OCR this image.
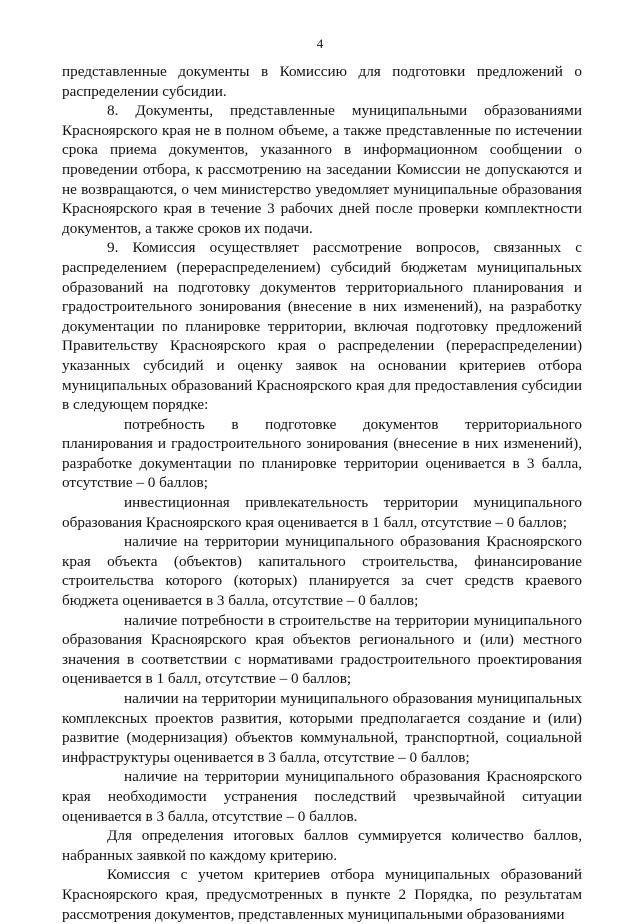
4

представленные документы в Комиссию для подготовки предложений о распределении субсидии.

8. Документы, представленные муниципальными образованиями Красноярского края не в полном объеме, а также представленные по истечении срока приема документов, указанного в информационном сообщении о проведении отбора, к рассмотрению на заседании Комиссии не допускаются и не возвращаются, о чем министерство уведомляет муниципальные образования Красноярского края в течение 3 рабочих дней после проверки комплектности документов, а также сроков их подачи.

9. Комиссия осуществляет рассмотрение вопросов, связанных с распределением (перераспределением) субсидий бюджетам муниципальных образований на подготовку документов территориального планирования и градостроительного зонирования (внесение в них изменений), на разработку документации по планировке территории, включая подготовку предложений Правительству Красноярского края о распределении (перераспределении) указанных субсидий и оценку заявок на основании критериев отбора муниципальных образований Красноярского края для предоставления субсидии в следующем порядке:

потребность в подготовке документов территориального планирования и градостроительного зонирования (внесение в них изменений), разработке документации по планировке территории оценивается в 3 балла, отсутствие – 0 баллов;

инвестиционная привлекательность территории муниципального образования Красноярского края оценивается в 1 балл, отсутствие – 0 баллов;

наличие на территории муниципального образования Красноярского края объекта (объектов) капитального строительства, финансирование строительства которого (которых) планируется за счет средств краевого бюджета оценивается в 3 балла, отсутствие – 0 баллов;

наличие потребности в строительстве на территории муниципального образования Красноярского края объектов регионального и (или) местного значения в соответствии с нормативами градостроительного проектирования оценивается в 1 балл, отсутствие – 0 баллов;

наличии на территории муниципального образования муниципальных комплексных проектов развития, которыми предполагается создание и (или) развитие (модернизация) объектов коммунальной, транспортной, социальной инфраструктуры оценивается в 3 балла, отсутствие – 0 баллов;

наличие на территории муниципального образования Красноярского края необходимости устранения последствий чрезвычайной ситуации оценивается в 3 балла, отсутствие – 0 баллов.

Для определения итоговых баллов суммируется количество баллов, набранных заявкой по каждому критерию.

Комиссия с учетом критериев отбора муниципальных образований Красноярского края, предусмотренных в пункте 2 Порядка, по результатам рассмотрения документов, представленных муниципальными образованиями
